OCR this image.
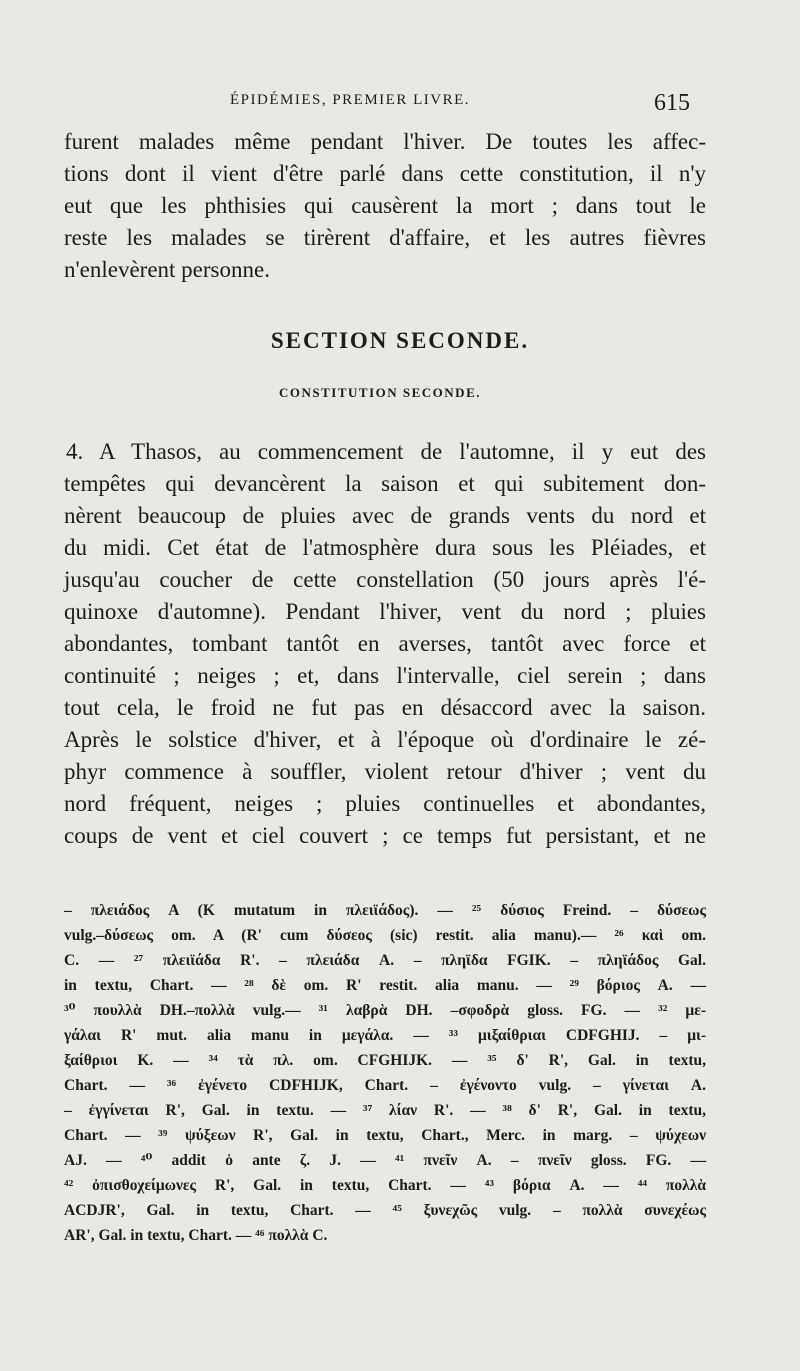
ÉPIDÉMIES, PREMIER LIVRE.	615
furent malades même pendant l'hiver. De toutes les affec-
tions dont il vient d'être parlé dans cette constitution, il n'y
eut que les phthisies qui causèrent la mort ; dans tout le
reste les malades se tirèrent d'affaire, et les autres fièvres
n'enlevèrent personne.
SECTION SECONDE.
CONSTITUTION SECONDE.
4. A Thasos, au commencement de l'automne, il y eut des
tempêtes qui devancèrent la saison et qui subitement don-
nèrent beaucoup de pluies avec de grands vents du nord et
du midi. Cet état de l'atmosphère dura sous les Pléiades, et
jusqu'au coucher de cette constellation (50 jours après l'é-
quinoxe d'automne). Pendant l'hiver, vent du nord ; pluies
abondantes, tombant tantôt en averses, tantôt avec force et
continuité ; neiges ; et, dans l'intervalle, ciel serein ; dans
tout cela, le froid ne fut pas en désaccord avec la saison.
Après le solstice d'hiver, et à l'époque où d'ordinaire le zé-
phyr commence à souffler, violent retour d'hiver ; vent du
nord fréquent, neiges ; pluies continuelles et abondantes,
coups de vent et ciel couvert ; ce temps fut persistant, et ne
– πλειάδος A (K mutatum in πλειϊάδος). — ²⁵ δύσιος Freind. – δύσεως
vulg.–δύσεως om. A (R' cum δύσεος (sic) restit. alia manu).— ²⁶ καὶ om.
C. — ²⁷ πλειϊάδα R'. – πλειάδα A. – πληϊδα FGIK. – πληϊάδος Gal.
in textu, Chart. — ²⁸ δὲ om. R' restit. alia manu. — ²⁹ βόριος A. —
³⁰ πουλλὰ DH.–πολλὰ vulg.— ³¹ λαβρὰ DH. –σφοδρὰ gloss. FG. — ³² με-
γάλαι R' mut. alia manu in μεγάλα. — ³³ μιξαίθριαι CDFGHIJ. – μι-
ξαίθριοι K. — ³⁴ τὰ πλ. om. CFGHIJK. — ³⁵ δ' R', Gal. in textu,
Chart. — ³⁶ ἐγένετο CDFHIJK, Chart. – ἐγένοντο vulg. – γίνεται A.
– ἐγγίνεται R', Gal. in textu. — ³⁷ λίαν R'. — ³⁸ δ' R', Gal. in textu,
Chart. — ³⁹ ψύξεων R', Gal. in textu, Chart., Merc. in marg. – ψύχεων
AJ. — ⁴⁰ addit ὁ ante ζ. J. — ⁴¹ πνεῖν A. – πνεῖν gloss. FG. —
⁴² ὀπισθοχείμωνες R', Gal. in textu, Chart. — ⁴³ βόρια A. — ⁴⁴ πολλὰ
ACDJR', Gal. in textu, Chart. — ⁴⁵ ξυνεχῶς vulg. – πολλὰ συνεχέως
AR', Gal. in textu, Chart. — ⁴⁶ πολλὰ C.
